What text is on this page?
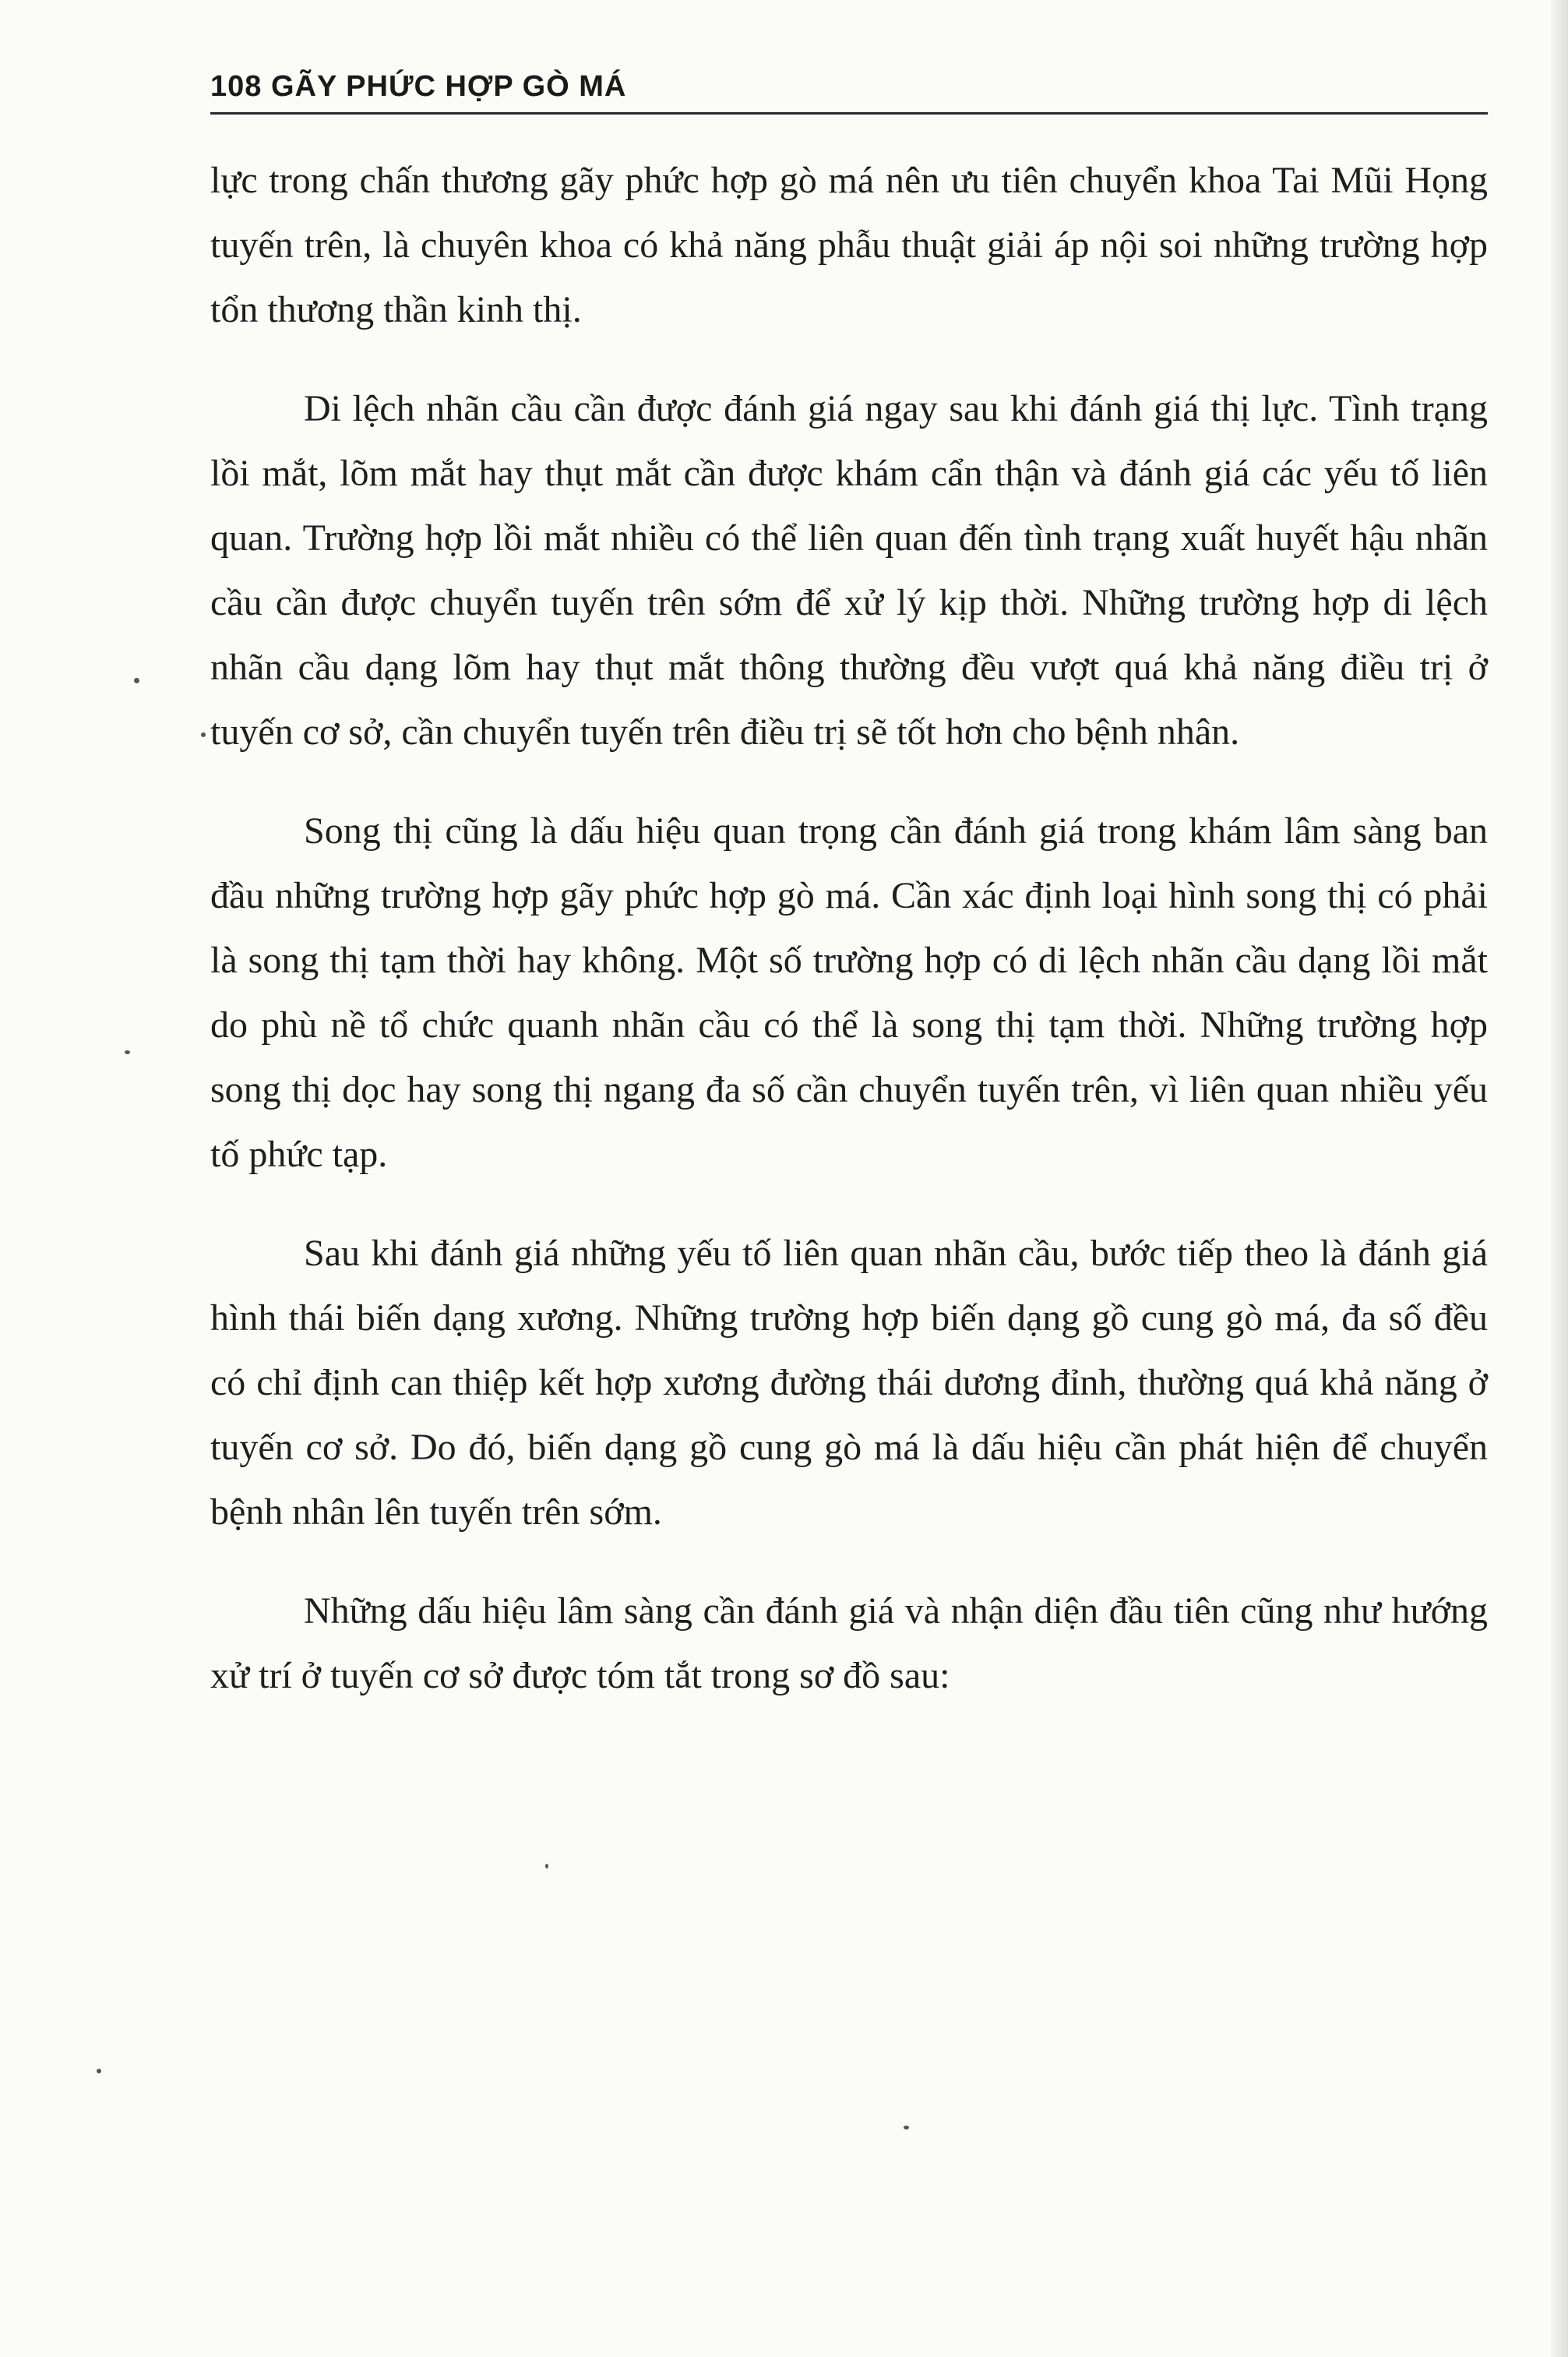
108 GÃY PHỨC HỢP GÒ MÁ

lực trong chấn thương gãy phức hợp gò má nên ưu tiên chuyển khoa Tai Mũi Họng tuyến trên, là chuyên khoa có khả năng phẫu thuật giải áp nội soi những trường hợp tổn thương thần kinh thị.

Di lệch nhãn cầu cần được đánh giá ngay sau khi đánh giá thị lực. Tình trạng lồi mắt, lõm mắt hay thụt mắt cần được khám cẩn thận và đánh giá các yếu tố liên quan. Trường hợp lồi mắt nhiều có thể liên quan đến tình trạng xuất huyết hậu nhãn cầu cần được chuyển tuyến trên sớm để xử lý kịp thời. Những trường hợp di lệch nhãn cầu dạng lõm hay thụt mắt thông thường đều vượt quá khả năng điều trị ở tuyến cơ sở, cần chuyển tuyến trên điều trị sẽ tốt hơn cho bệnh nhân.

Song thị cũng là dấu hiệu quan trọng cần đánh giá trong khám lâm sàng ban đầu những trường hợp gãy phức hợp gò má. Cần xác định loại hình song thị có phải là song thị tạm thời hay không. Một số trường hợp có di lệch nhãn cầu dạng lồi mắt do phù nề tổ chức quanh nhãn cầu có thể là song thị tạm thời. Những trường hợp song thị dọc hay song thị ngang đa số cần chuyển tuyến trên, vì liên quan nhiều yếu tố phức tạp.

Sau khi đánh giá những yếu tố liên quan nhãn cầu, bước tiếp theo là đánh giá hình thái biến dạng xương. Những trường hợp biến dạng gồ cung gò má, đa số đều có chỉ định can thiệp kết hợp xương đường thái dương đỉnh, thường quá khả năng ở tuyến cơ sở. Do đó, biến dạng gồ cung gò má là dấu hiệu cần phát hiện để chuyển bệnh nhân lên tuyến trên sớm.

Những dấu hiệu lâm sàng cần đánh giá và nhận diện đầu tiên cũng như hướng xử trí ở tuyến cơ sở được tóm tắt trong sơ đồ sau:
